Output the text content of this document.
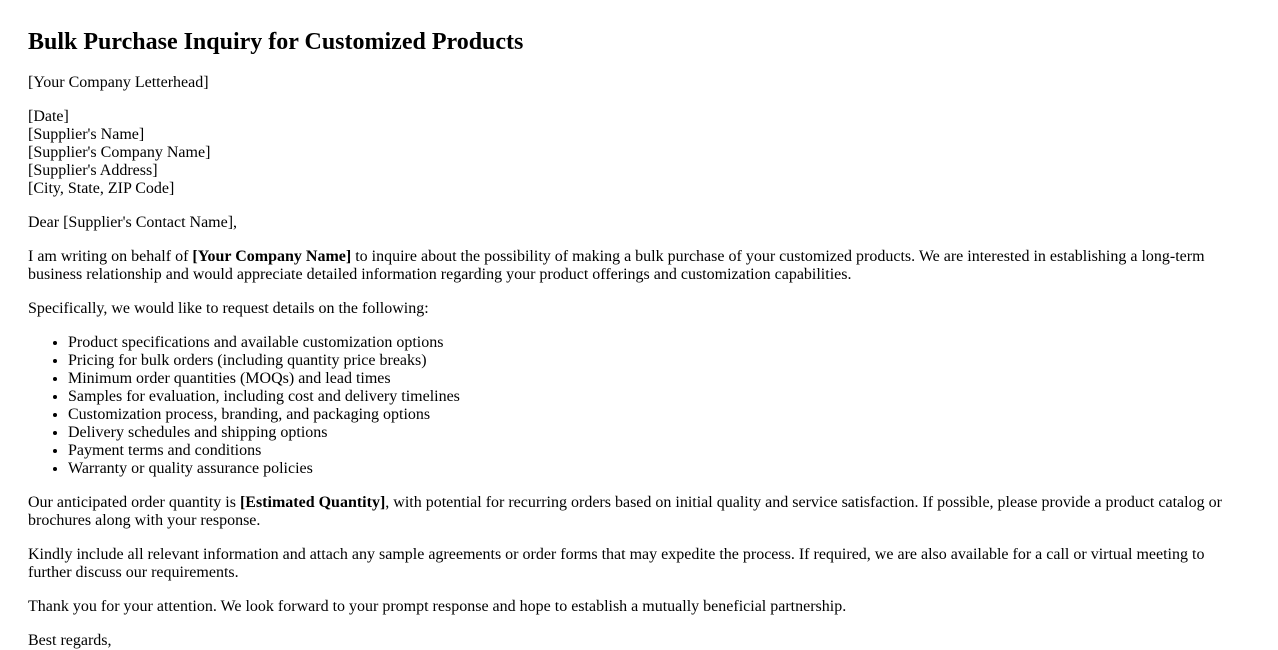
Bulk Purchase Inquiry for Customized Products

[Your Company Letterhead]

[Date]
[Supplier's Name]
[Supplier's Company Name]
[Supplier's Address]
[City, State, ZIP Code]

Dear [Supplier's Contact Name],

I am writing on behalf of [Your Company Name] to inquire about the possibility of making a bulk purchase of your customized products. We are interested in establishing a long-term business relationship and would appreciate detailed information regarding your product offerings and customization capabilities.

Specifically, we would like to request details on the following:

• Product specifications and available customization options
• Pricing for bulk orders (including quantity price breaks)
• Minimum order quantities (MOQs) and lead times
• Samples for evaluation, including cost and delivery timelines
• Customization process, branding, and packaging options
• Delivery schedules and shipping options
• Payment terms and conditions
• Warranty or quality assurance policies

Our anticipated order quantity is [Estimated Quantity], with potential for recurring orders based on initial quality and service satisfaction. If possible, please provide a product catalog or brochures along with your response.

Kindly include all relevant information and attach any sample agreements or order forms that may expedite the process. If required, we are also available for a call or virtual meeting to further discuss our requirements.

Thank you for your attention. We look forward to your prompt response and hope to establish a mutually beneficial partnership.

Best regards,
